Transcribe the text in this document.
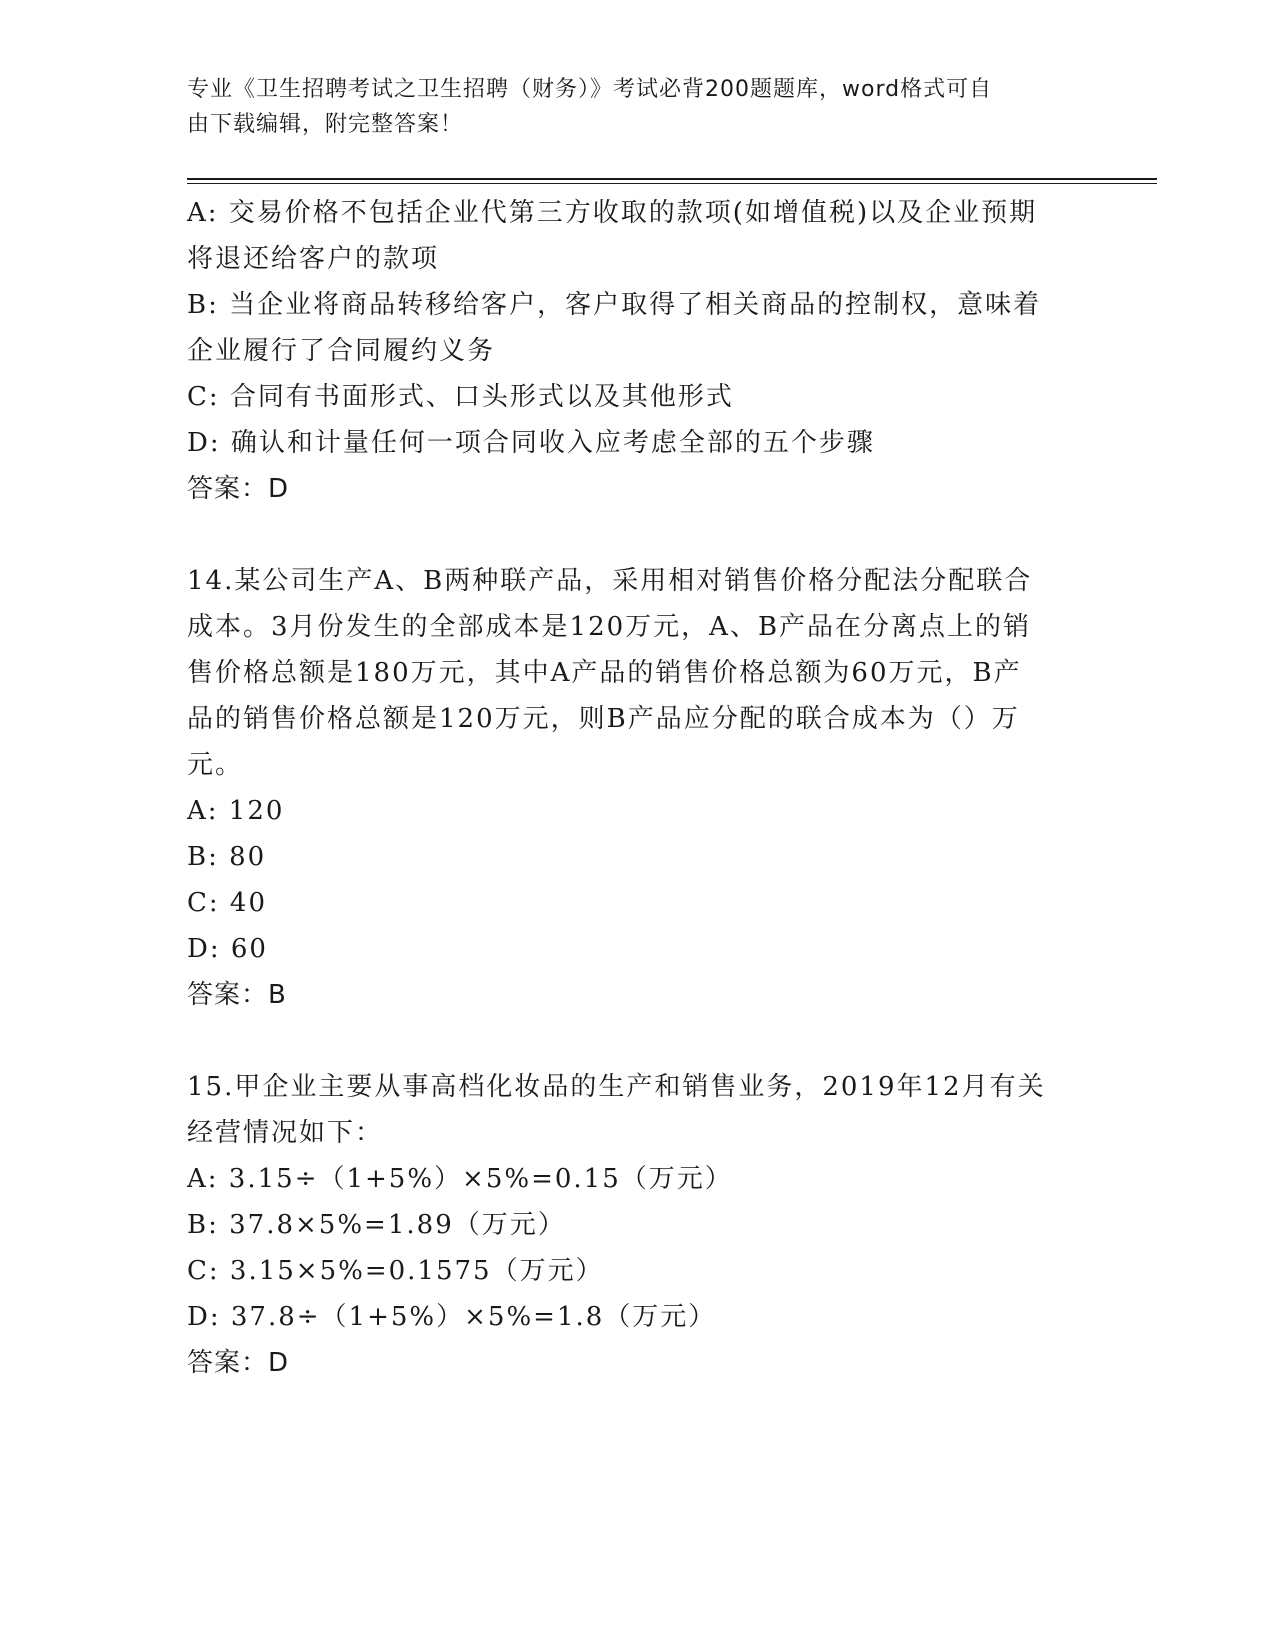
专业《卫生招聘考试之卫生招聘（财务）》考试必背200题题库，word格式可自
由下载编辑，附完整答案！
A: 交易价格不包括企业代第三方收取的款项(如增值税)以及企业预期
将退还给客户的款项
B: 当企业将商品转移给客户，客户取得了相关商品的控制权，意味着
企业履行了合同履约义务
C: 合同有书面形式、口头形式以及其他形式
D: 确认和计量任何一项合同收入应考虑全部的五个步骤
答案：D
14.某公司生产A、B两种联产品，采用相对销售价格分配法分配联合
成本。3月份发生的全部成本是120万元，A、B产品在分离点上的销
售价格总额是180万元，其中A产品的销售价格总额为60万元，B产
品的销售价格总额是120万元，则B产品应分配的联合成本为（）万
元。
A: 120
B: 80
C: 40
D: 60
答案：B
15.甲企业主要从事高档化妆品的生产和销售业务，2019年12月有关
经营情况如下：
A: 3.15÷（1+5%）×5%=0.15（万元）
B: 37.8×5%=1.89（万元）
C: 3.15×5%=0.1575（万元）
D: 37.8÷（1+5%）×5%=1.8（万元）
答案：D
